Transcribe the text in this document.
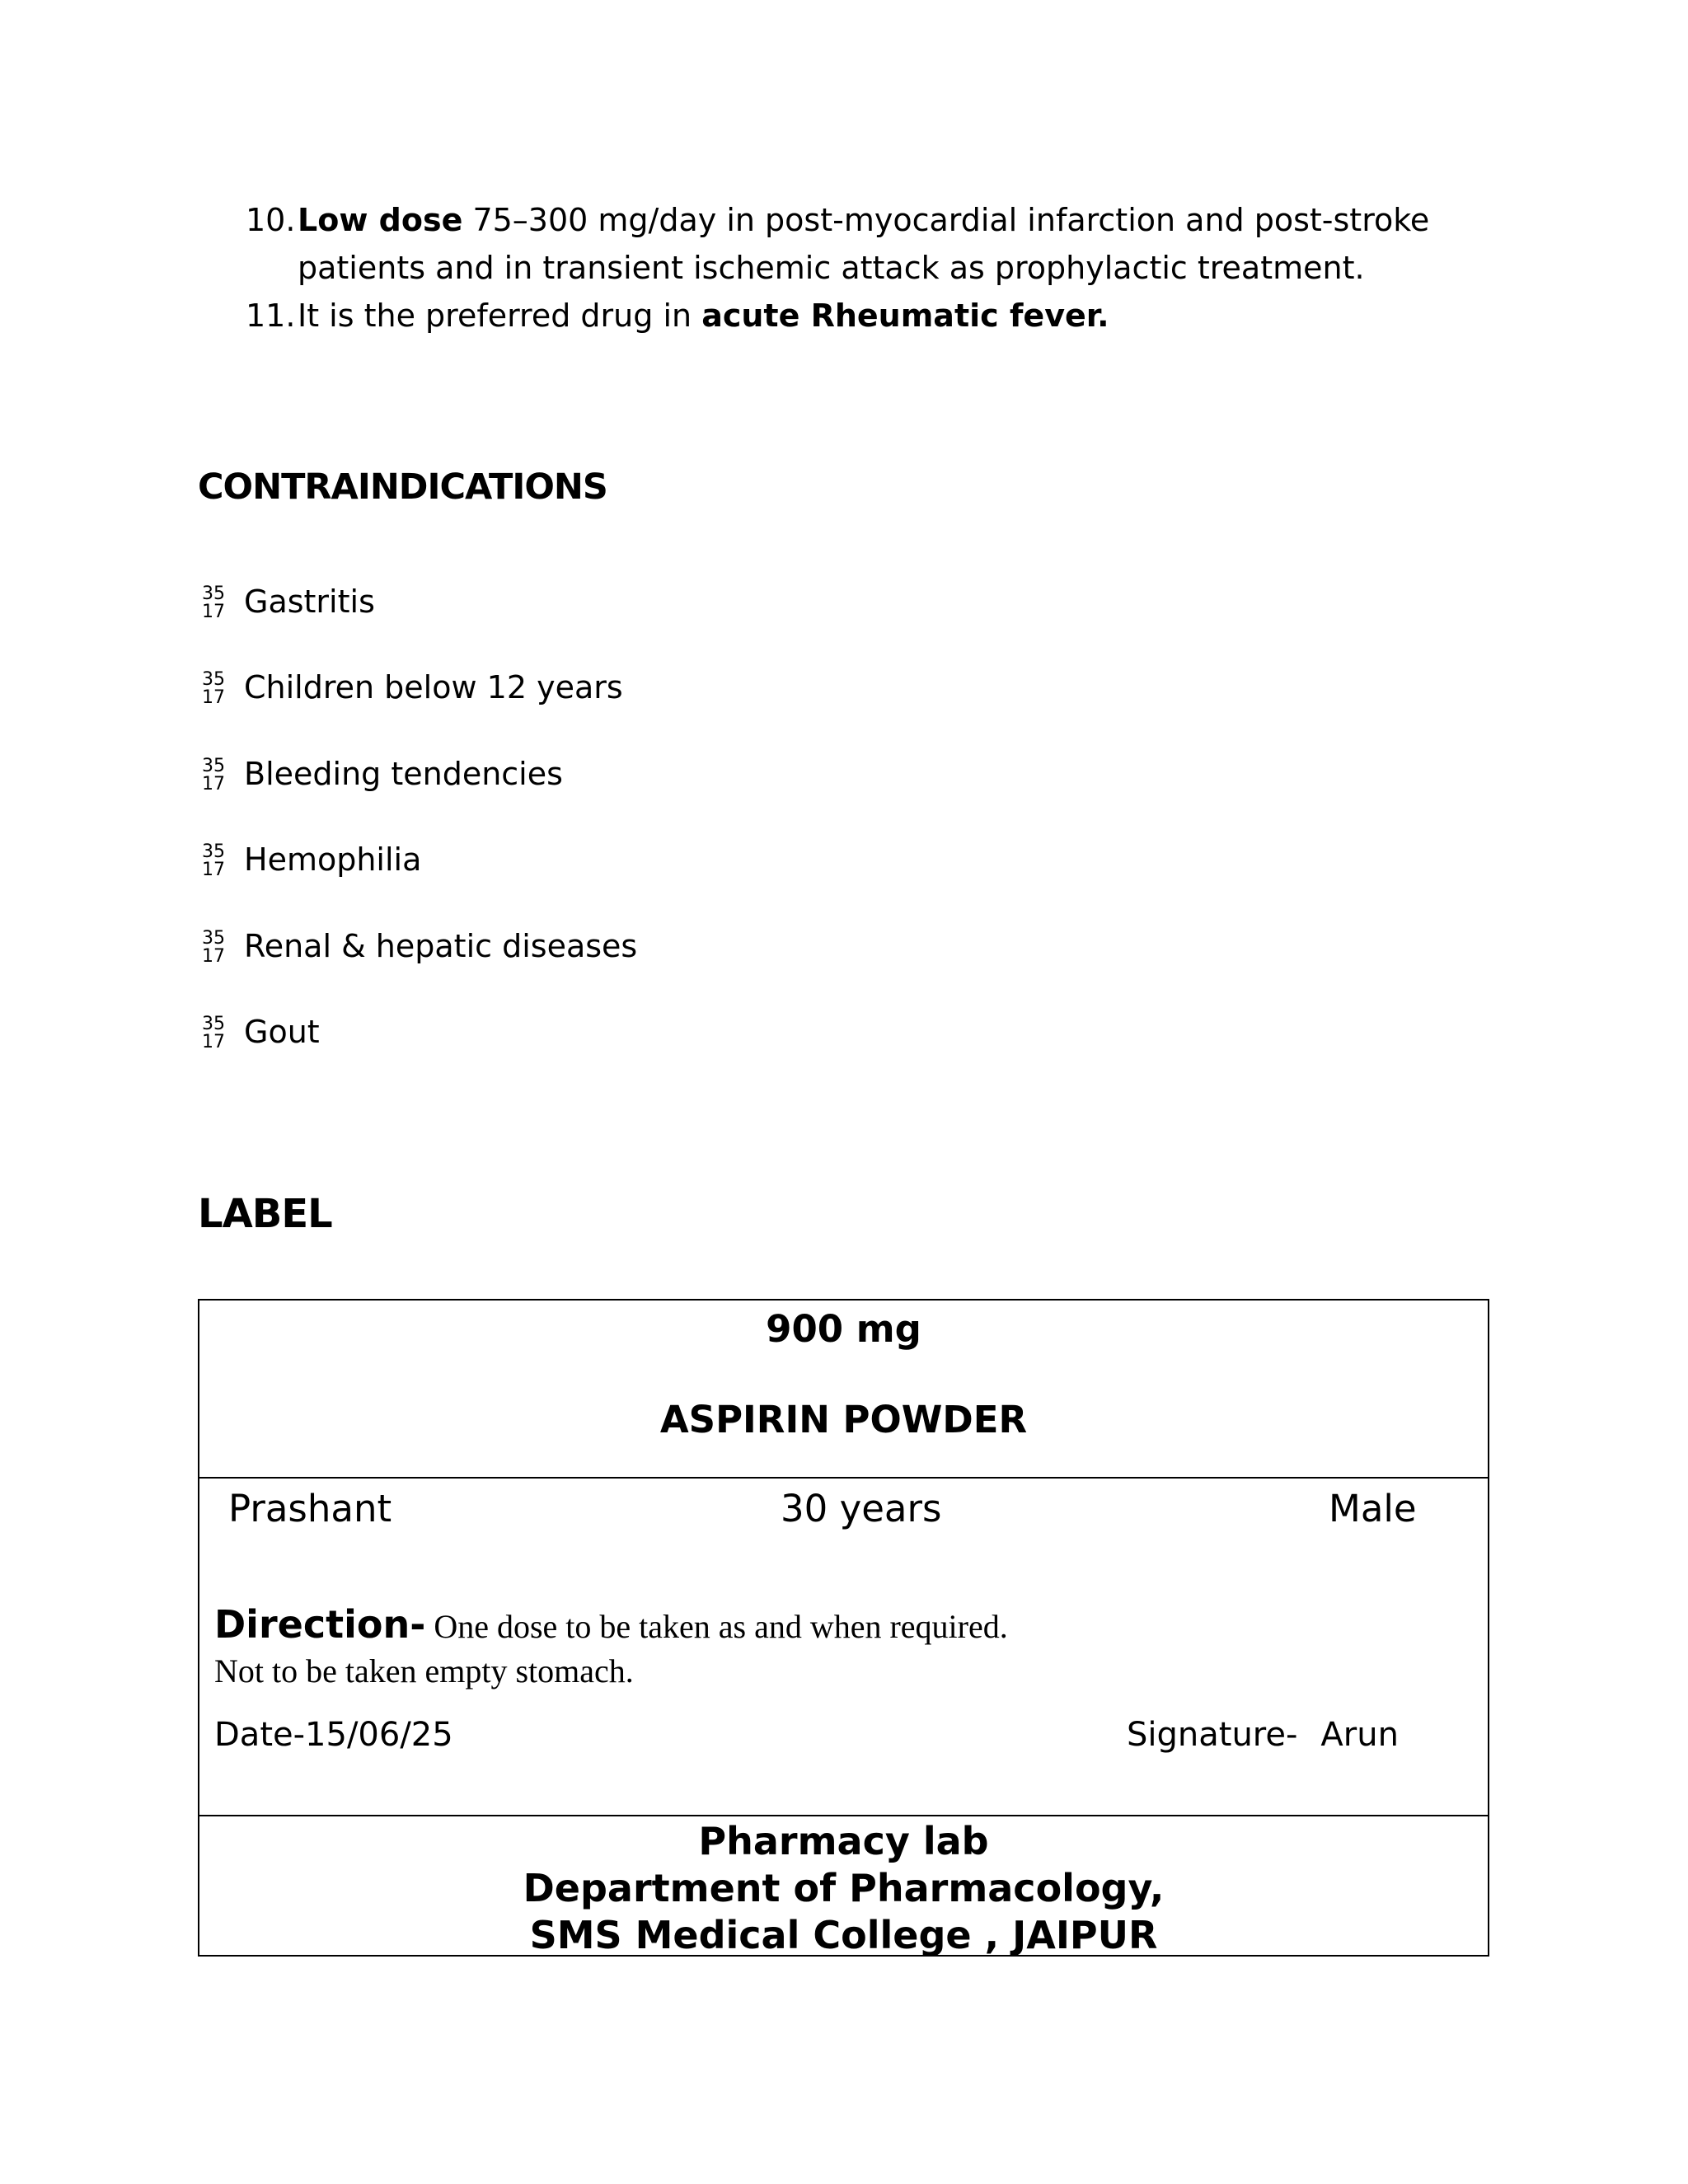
10. Low dose 75–300 mg/day in post-myocardial infarction and post-stroke patients and in transient ischemic attack as prophylactic treatment.
11. It is the preferred drug in acute Rheumatic fever.
CONTRAINDICATIONS
35
17 Gastritis
35
17 Children below 12 years
35
17 Bleeding tendencies
35
17 Hemophilia
35
17 Renal & hepatic diseases
35
17 Gout
LABEL
900 mg
ASPIRIN POWDER
Prashant	30 years	Male
Direction- One dose to be taken as and when required.
Not to be taken empty stomach.
Date-15/06/25	Signature- Arun
Pharmacy lab
Department of Pharmacology,
SMS Medical College , JAIPUR
